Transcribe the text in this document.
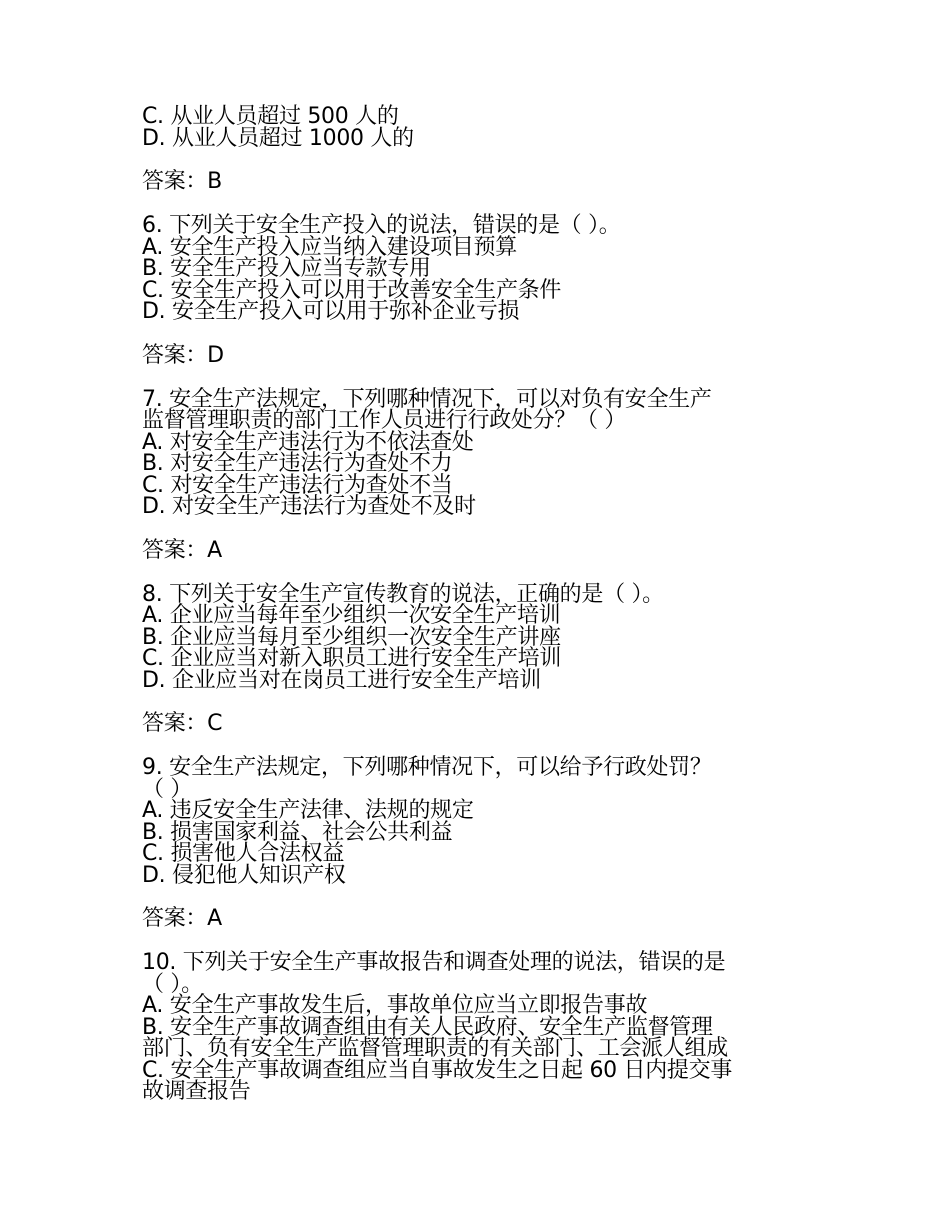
C. 从业人员超过 500 人的
D. 从业人员超过 1000 人的
答案：B
6. 下列关于安全生产投入的说法，错误的是（ ）。
A. 安全生产投入应当纳入建设项目预算
B. 安全生产投入应当专款专用
C. 安全生产投入可以用于改善安全生产条件
D. 安全生产投入可以用于弥补企业亏损
答案：D
7. 安全生产法规定，下列哪种情况下，可以对负有安全生产
监督管理职责的部门工作人员进行行政处分？（ ）
A. 对安全生产违法行为不依法查处
B. 对安全生产违法行为查处不力
C. 对安全生产违法行为查处不当
D. 对安全生产违法行为查处不及时
答案：A
8. 下列关于安全生产宣传教育的说法，正确的是（ ）。
A. 企业应当每年至少组织一次安全生产培训
B. 企业应当每月至少组织一次安全生产讲座
C. 企业应当对新入职员工进行安全生产培训
D. 企业应当对在岗员工进行安全生产培训
答案：C
9. 安全生产法规定，下列哪种情况下，可以给予行政处罚？
（ ）
A. 违反安全生产法律、法规的规定
B. 损害国家利益、社会公共利益
C. 损害他人合法权益
D. 侵犯他人知识产权
答案：A
10. 下列关于安全生产事故报告和调查处理的说法，错误的是
（ ）。
A. 安全生产事故发生后，事故单位应当立即报告事故
B. 安全生产事故调查组由有关人民政府、安全生产监督管理
部门、负有安全生产监督管理职责的有关部门、工会派人组成
C. 安全生产事故调查组应当自事故发生之日起 60 日内提交事
故调查报告
